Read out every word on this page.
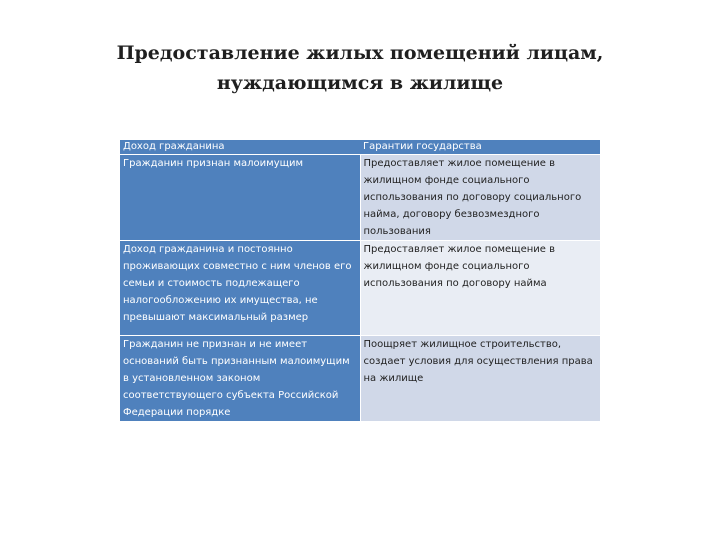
Предоставление жилых помещений лицам,
нуждающимся в жилище
Доход гражданина	Гарантии государства
Гражданин признан малоимущим	Предоставляет жилое помещение в жилищном фонде социального использования по договору социального найма, договору безвозмездного пользования
Доход гражданина и постоянно проживающих совместно с ним членов его семьи и стоимость подлежащего налогообложению их имущества, не превышают максимальный размер	Предоставляет жилое помещение в жилищном фонде социального использования по договору найма
Гражданин не признан и не имеет оснований быть признанным малоимущим в установленном законом соответствующего субъекта Российской Федерации порядке	Поощряет жилищное строительство, создает условия для осуществления права на жилище
